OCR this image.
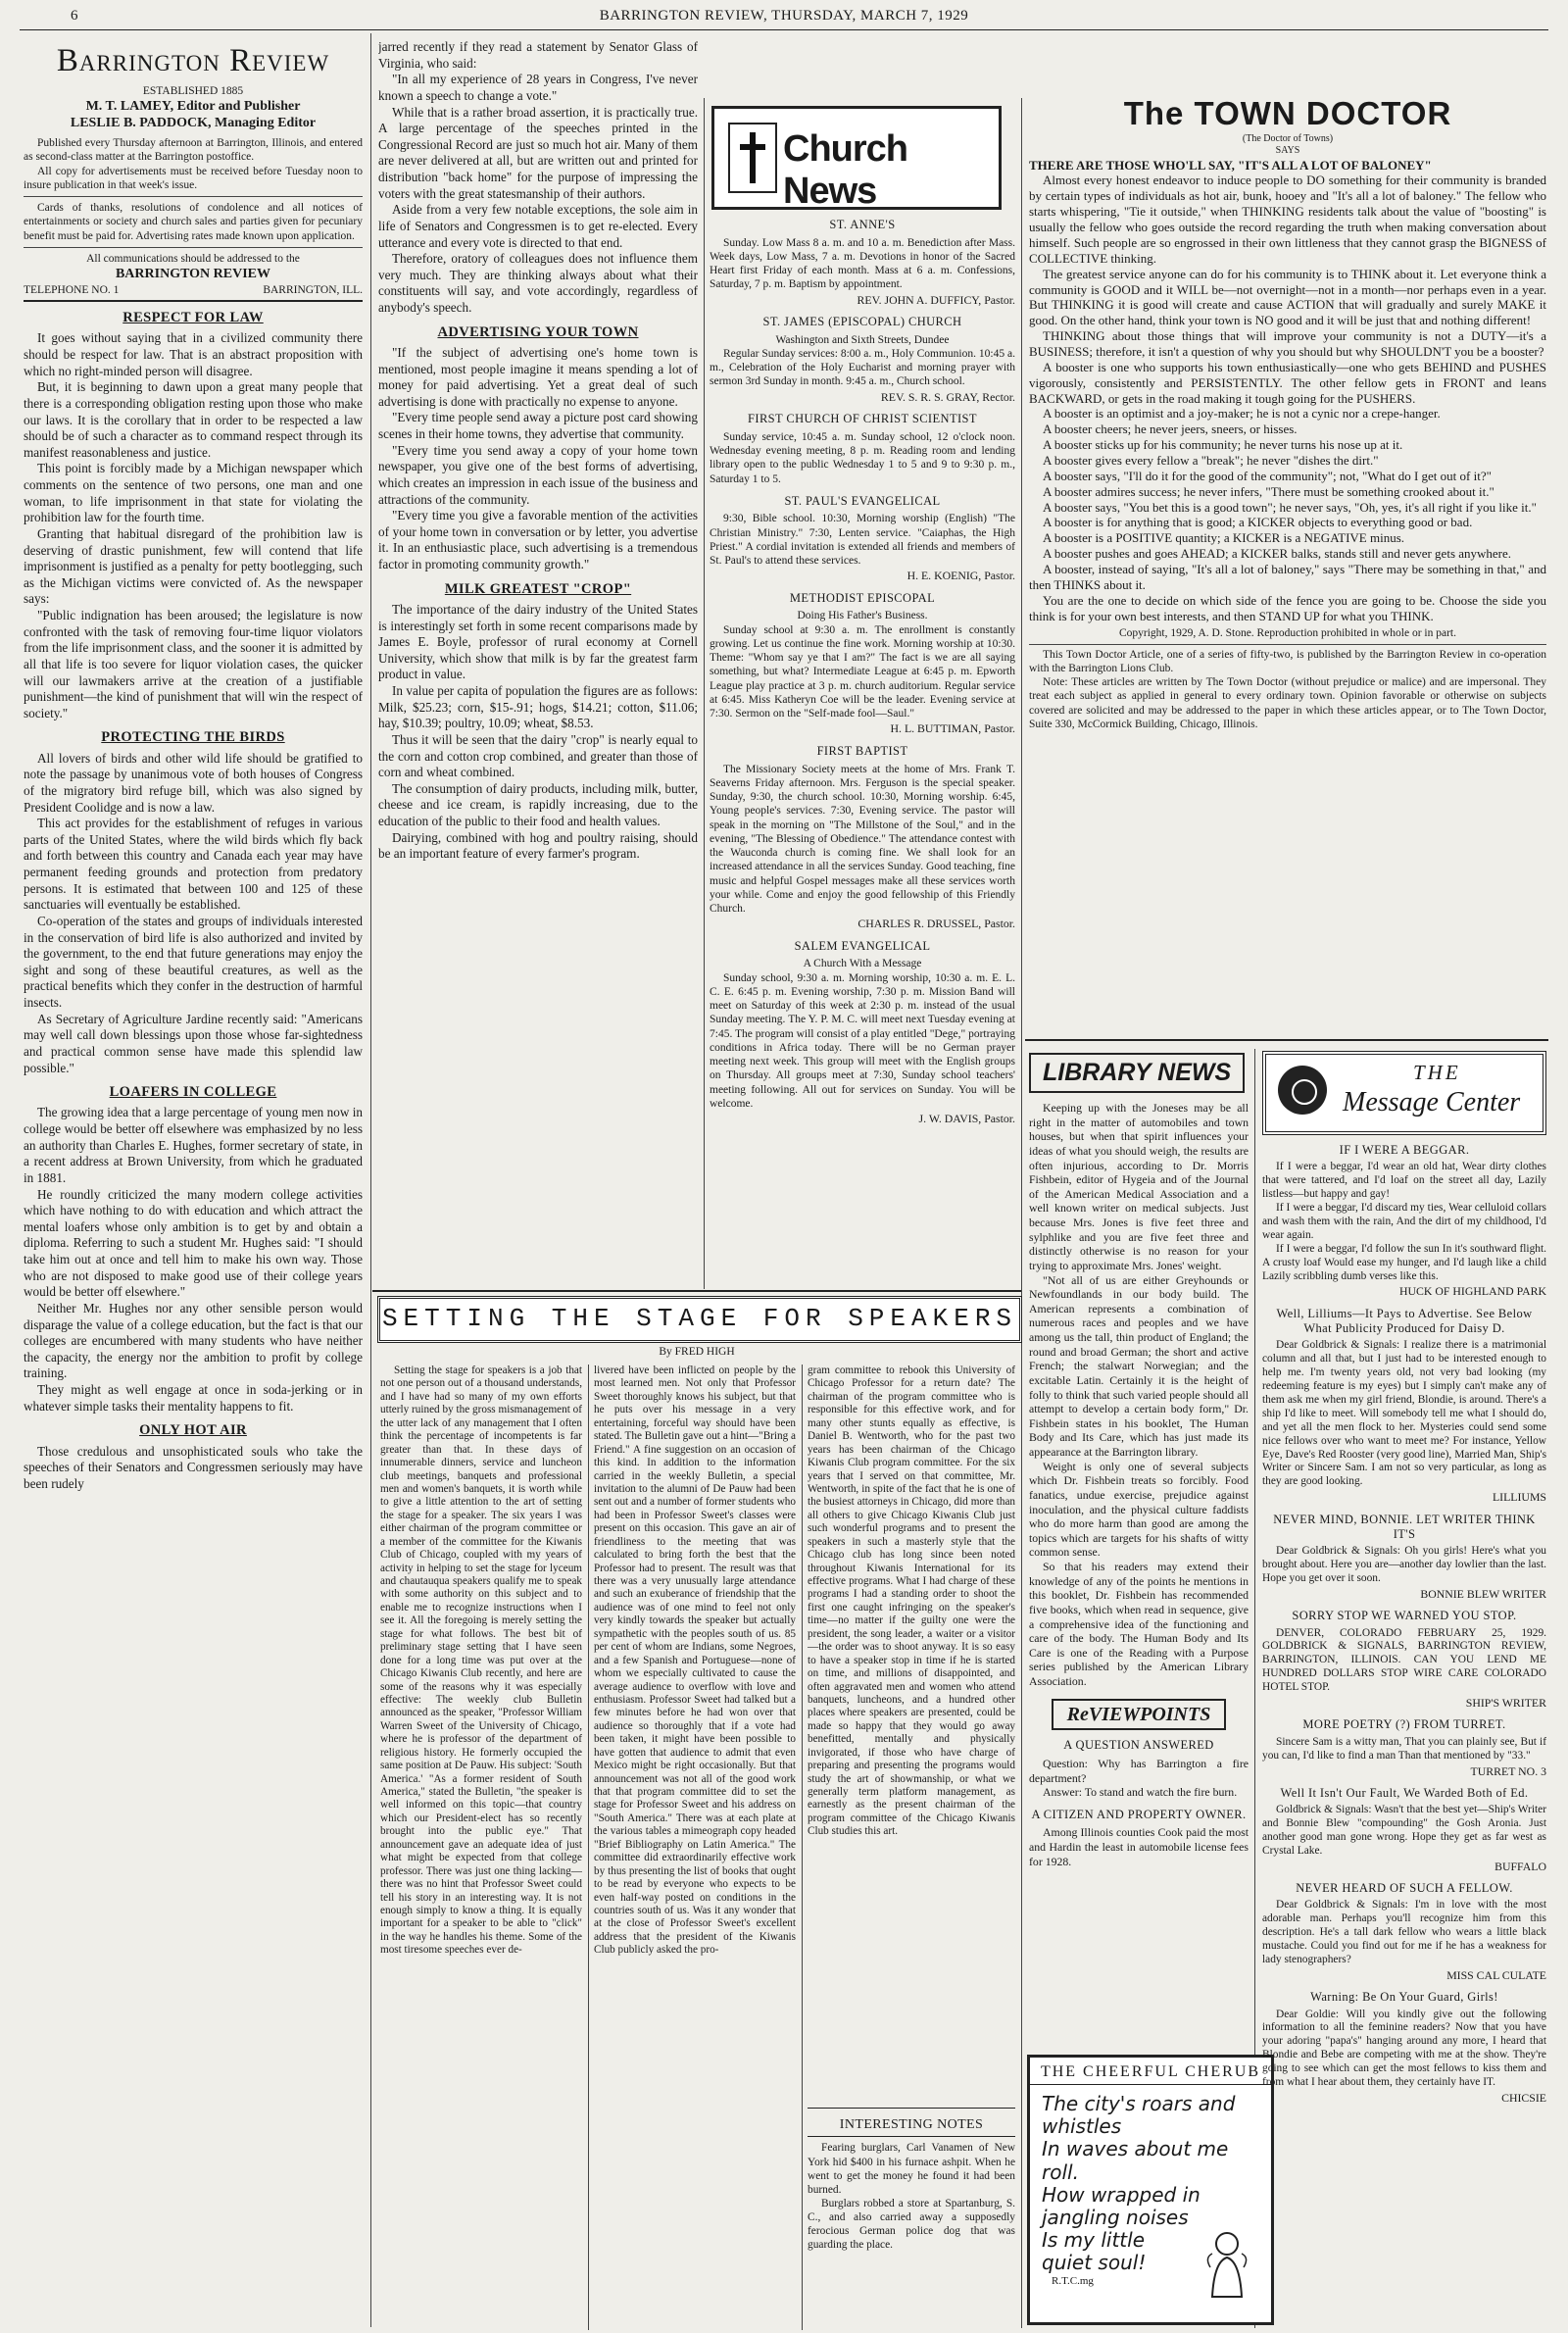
6	BARRINGTON REVIEW, THURSDAY, MARCH 7, 1929
Barrington Review
ESTABLISHED 1885
M. T. LAMEY, Editor and Publisher
LESLIE B. PADDOCK, Managing Editor

Published every Thursday afternoon at Barrington, Illinois, and entered as second-class matter at the Barrington postoffice.

All copy for advertisements must be received before Tuesday noon to insure publication in that week's issue.

Cards of thanks, resolutions of condolence and all notices of entertainments or society and church sales and parties given for pecuniary benefit must be paid for. Advertising rates made known upon application.

All communications should be addressed to the
BARRINGTON REVIEW
TELEPHONE NO. 1	BARRINGTON, ILL.
RESPECT FOR LAW

It goes without saying that in a civilized community there should be respect for law. That is an abstract proposition with which no right-minded person will disagree.

But, it is beginning to dawn upon a great many people that there is a corresponding obligation resting upon those who make our laws. It is the corollary that in order to be respected a law should be of such a character as to command respect through its manifest reasonableness and justice.

This point is forcibly made by a Michigan newspaper which comments on the sentence of two persons, one man and one woman, to life imprisonment in that state for violating the prohibition law for the fourth time.

Granting that habitual disregard of the prohibition law is deserving of drastic punishment, few will contend that life imprisonment is justified as a penalty for petty bootlegging, such as the Michigan victims were convicted of. As the newspaper says:

"Public indignation has been aroused; the legislature is now confronted with the task of removing four-time liquor violators from the life imprisonment class, and the sooner it is admitted by all that life is too severe for liquor violation cases, the quicker will our lawmakers arrive at the creation of a justifiable punishment—the kind of punishment that will win the respect of society."

PROTECTING THE BIRDS

All lovers of birds and other wild life should be gratified to note the passage by unanimous vote of both houses of Congress of the migratory bird refuge bill, which was also signed by President Coolidge and is now a law.

This act provides for the establishment of refuges in various parts of the United States, where the wild birds which fly back and forth between this country and Canada each year may have permanent feeding grounds and protection from predatory persons. It is estimated that between 100 and 125 of these sanctuaries will eventually be established.

Co-operation of the states and groups of individuals interested in the conservation of bird life is also authorized and invited by the government, to the end that future generations may enjoy the sight and song of these beautiful creatures, as well as the practical benefits which they confer in the destruction of harmful insects.

As Secretary of Agriculture Jardine recently said: "Americans may well call down blessings upon those whose far-sightedness and practical common sense have made this splendid law possible."

LOAFERS IN COLLEGE

The growing idea that a large percentage of young men now in college would be better off elsewhere was emphasized by no less an authority than Charles E. Hughes, former secretary of state, in a recent address at Brown University, from which he graduated in 1881.

He roundly criticized the many modern college activities which have nothing to do with education and which attract the mental loafers whose only ambition is to get by and obtain a diploma. Referring to such a student Mr. Hughes said: "I should take him out at once and tell him to make his own way. Those who are not disposed to make good use of their college years would be better off elsewhere."

Neither Mr. Hughes nor any other sensible person would disparage the value of a college education, but the fact is that our colleges are encumbered with many students who have neither the capacity, the energy nor the ambition to profit by college training.

They might as well engage at once in soda-jerking or in whatever simple tasks their mentality happens to fit.

ONLY HOT AIR

Those credulous and unsophisticated souls who take the speeches of their Senators and Congressmen seriously may have been rudely

jarred recently if they read a statement by Senator Glass of Virginia, who said:

"In all my experience of 28 years in Congress, I've never known a speech to change a vote."

While that is a rather broad assertion, it is practically true. A large percentage of the speeches printed in the Congressional Record are just so much hot air. Many of them are never delivered at all, but are written out and printed for distribution "back home" for the purpose of impressing the voters with the great statesmanship of their authors.

Aside from a very few notable exceptions, the sole aim in life of Senators and Congressmen is to get re-elected. Every utterance and every vote is directed to that end.

Therefore, oratory of colleagues does not influence them very much. They are thinking always about what their constituents will say, and vote accordingly, regardless of anybody's speech.

ADVERTISING YOUR TOWN

"If the subject of advertising one's home town is mentioned, most people imagine it means spending a lot of money for paid advertising. Yet a great deal of such advertising is done with practically no expense to anyone.

"Every time people send away a picture post card showing scenes in their home towns, they advertise that community.

"Every time you send away a copy of your home town newspaper, you give one of the best forms of advertising, which creates an impression in each issue of the business and attractions of the community.

"Every time you give a favorable mention of the activities of your home town in conversation or by letter, you advertise it. In an enthusiastic place, such advertising is a tremendous factor in promoting community growth."

MILK GREATEST "CROP"

The importance of the dairy industry of the United States is interestingly set forth in some recent comparisons made by James E. Boyle, professor of rural economy at Cornell University, which show that milk is by far the greatest farm product in value.

In value per capita of population the figures are as follows: Milk, $25.23; corn, $15-.91; hogs, $14.21; cotton, $11.06; hay, $10.39; poultry, 10.09; wheat, $8.53.

Thus it will be seen that the dairy "crop" is nearly equal to the corn and cotton crop combined, and greater than those of corn and wheat combined.

The consumption of dairy products, including milk, butter, cheese and ice cream, is rapidly increasing, due to the education of the public to their food and health values.

Dairying, combined with hog and poultry raising, should be an important feature of every farmer's program.

Church News
ST. ANNE'S

Sunday. Low Mass 8 a. m. and 10 a. m. Benediction after Mass. Week days, Low Mass, 7 a. m. Devotions in honor of the Sacred Heart first Friday of each month. Mass at 6 a. m. Confessions, Saturday, 7 p. m. Baptism by appointment.

REV. JOHN A. DUFFICY, Pastor.
ST. JAMES (EPISCOPAL) CHURCH
Washington and Sixth Streets, Dundee

Regular Sunday services: 8:00 a. m., Holy Communion. 10:45 a. m., Celebration of the Holy Eucharist and morning prayer with sermon 3rd Sunday in month. 9:45 a. m., Church school.

REV. S. R. S. GRAY, Rector.
FIRST CHURCH OF CHRIST SCIENTIST

Sunday service, 10:45 a. m. Sunday school, 12 o'clock noon. Wednesday evening meeting, 8 p. m. Reading room and lending library open to the public Wednesday 1 to 5 and 9 to 9:30 p. m., Saturday 1 to 5.

ST. PAUL'S EVANGELICAL

9:30, Bible school. 10:30, Morning worship (English) "The Christian Ministry." 7:30, Lenten service. "Caiaphas, the High Priest." A cordial invitation is extended all friends and members of St. Paul's to attend these services.

H. E. KOENIG, Pastor.
METHODIST EPISCOPAL
Doing His Father's Business.

Sunday school at 9:30 a. m. The enrollment is constantly growing. Let us continue the fine work. Morning worship at 10:30. Theme: "Whom say ye that I am?" The fact is we are all saying something, but what? Intermediate League at 6:45 p. m. Epworth League play practice at 3 p. m. church auditorium. Regular service at 6:45. Miss Katheryn Coe will be the leader. Evening service at 7:30. Sermon on the "Self-made fool—Saul."

H. L. BUTTIMAN, Pastor.
FIRST BAPTIST

The Missionary Society meets at the home of Mrs. Frank T. Seaverns Friday afternoon. Mrs. Ferguson is the special speaker. Sunday, 9:30, the church school. 10:30, Morning worship. 6:45, Young people's services. 7:30, Evening service. The pastor will speak in the morning on "The Millstone of the Soul," and in the evening, "The Blessing of Obedience." The attendance contest with the Wauconda church is coming fine. We shall look for an increased attendance in all the services Sunday. Good teaching, fine music and helpful Gospel messages make all these services worth your while. Come and enjoy the good fellowship of this Friendly Church.

CHARLES R. DRUSSEL, Pastor.
SALEM EVANGELICAL
A Church With a Message

Sunday school, 9:30 a. m. Morning worship, 10:30 a. m. E. L. C. E. 6:45 p. m. Evening worship, 7:30 p. m. Mission Band will meet on Saturday of this week at 2:30 p. m. instead of the usual Sunday meeting. The Y. P. M. C. will meet next Tuesday evening at 7:45. The program will consist of a play entitled "Dege," portraying conditions in Africa today. There will be no German prayer meeting next week. This group will meet with the English groups on Thursday. All groups meet at 7:30, Sunday school teachers' meeting following. All out for services on Sunday. You will be welcome.

J. W. DAVIS, Pastor.
The TOWN DOCTOR
(The Doctor of Towns)
SAYS

THERE ARE THOSE WHO'LL SAY, "IT'S ALL A LOT OF BALONEY"

Almost every honest endeavor to induce people to DO something for their community is branded by certain types of individuals as hot air, bunk, hooey and "It's all a lot of baloney." The fellow who starts whispering, "Tie it outside," when THINKING residents talk about the value of "boosting" is usually the fellow who goes outside the record regarding the truth when making conversation about himself. Such people are so engrossed in their own littleness that they cannot grasp the BIGNESS of COLLECTIVE thinking.

The greatest service anyone can do for his community is to THINK about it. Let everyone think a community is GOOD and it WILL be—not overnight—not in a month—nor perhaps even in a year. But THINKING it is good will create and cause ACTION that will gradually and surely MAKE it good. On the other hand, think your town is NO good and it will be just that and nothing different!

THINKING about those things that will improve your community is not a DUTY—it's a BUSINESS; therefore, it isn't a question of why you should but why SHOULDN'T you be a booster?

A booster is one who supports his town enthusiastically—one who gets BEHIND and PUSHES vigorously, consistently and PERSISTENTLY. The other fellow gets in FRONT and leans BACKWARD, or gets in the road making it tough going for the PUSHERS.

A booster is an optimist and a joy-maker; he is not a cynic nor a crepe-hanger.

A booster cheers; he never jeers, sneers, or hisses.

A booster sticks up for his community; he never turns his nose up at it.

A booster gives every fellow a "break"; he never "dishes the dirt."

A booster says, "I'll do it for the good of the community"; not, "What do I get out of it?"

A booster admires success; he never infers, "There must be something crooked about it."

A booster says, "You bet this is a good town"; he never says, "Oh, yes, it's all right if you like it."

A booster is for anything that is good; a KICKER objects to everything good or bad.

A booster is a POSITIVE quantity; a KICKER is a NEGATIVE minus.

A booster pushes and goes AHEAD; a KICKER balks, stands still and never gets anywhere.

A booster, instead of saying, "It's all a lot of baloney," says "There may be something in that," and then THINKS about it.

You are the one to decide on which side of the fence you are going to be. Choose the side you think is for your own best interests, and then STAND UP for what you THINK.

Copyright, 1929, A. D. Stone. Reproduction prohibited in whole or in part.

This Town Doctor Article, one of a series of fifty-two, is published by the Barrington Review in co-operation with the Barrington Lions Club.

Note: These articles are written by The Town Doctor (without prejudice or malice) and are impersonal. They treat each subject as applied in general to every ordinary town. Opinion favorable or otherwise on subjects covered are solicited and may be addressed to the paper in which these articles appear, or to The Town Doctor, Suite 330, McCormick Building, Chicago, Illinois.

LIBRARY NEWS

Keeping up with the Joneses may be all right in the matter of automobiles and town houses, but when that spirit influences your ideas of what you should weigh, the results are often injurious, according to Dr. Morris Fishbein, editor of Hygeia and of the Journal of the American Medical Association and a well known writer on medical subjects. Just because Mrs. Jones is five feet three and sylphlike and you are five feet three and distinctly otherwise is no reason for your trying to approximate Mrs. Jones' weight.

"Not all of us are either Greyhounds or Newfoundlands in our body build. The American represents a combination of numerous races and peoples and we have among us the tall, thin product of England; the round and broad German; the short and active French; the stalwart Norwegian; and the excitable Latin. Certainly it is the height of folly to think that such varied people should all attempt to develop a certain body form," Dr. Fishbein states in his booklet, The Human Body and Its Care, which has just made its appearance at the Barrington library.

Weight is only one of several subjects which Dr. Fishbein treats so forcibly. Food fanatics, undue exercise, prejudice against inoculation, and the physical culture faddists who do more harm than good are among the topics which are targets for his shafts of witty common sense.

So that his readers may extend their knowledge of any of the points he mentions in this booklet, Dr. Fishbein has recommended five books, which when read in sequence, give a comprehensive idea of the functioning and care of the body. The Human Body and Its Care is one of the Reading with a Purpose series published by the American Library Association.

ReVIEWPOINTS
A QUESTION ANSWERED

Question: Why has Barrington a fire department?

Answer: To stand and watch the fire burn.

A CITIZEN AND PROPERTY OWNER.

Among Illinois counties Cook paid the most and Hardin the least in automobile license fees for 1928.

THE CHEERFUL CHERUB
The city's roars and
whistles
In waves about me
roll.
How wrapped in
jangling noises
Is my little
quiet soul!
R.T.C.mg
THE
Message Center
IF I WERE A BEGGAR.

If I were a beggar, I'd wear an old hat, Wear dirty clothes that were tattered, and I'd loaf on the street all day, Lazily listless—but happy and gay!

If I were a beggar, I'd discard my ties, Wear celluloid collars and wash them with the rain, And the dirt of my childhood, I'd wear again.

If I were a beggar, I'd follow the sun In it's southward flight. A crusty loaf Would ease my hunger, and I'd laugh like a child Lazily scribbling dumb verses like this.

HUCK OF HIGHLAND PARK
Well, Lilliums—It Pays to Advertise. See Below What Publicity Produced for Daisy D.

Dear Goldbrick & Signals: I realize there is a matrimonial column and all that, but I just had to be interested enough to help me. I'm twenty years old, not very bad looking (my redeeming feature is my eyes) but I simply can't make any of them ask me when my girl friend, Blondie, is around. There's a ship I'd like to meet. Will somebody tell me what I should do, and yet all the men flock to her. Mysteries could send some nice fellows over who want to meet me? For instance, Yellow Eye, Dave's Red Rooster (very good line), Married Man, Ship's Writer or Sincere Sam. I am not so very particular, as long as they are good looking.

LILLIUMS
NEVER MIND, BONNIE. LET WRITER THINK IT'S

Dear Goldbrick & Signals: Oh you girls! Here's what you brought about. Here you are—another day lowlier than the last. Hope you get over it soon.

BONNIE BLEW WRITER
SORRY STOP WE WARNED YOU STOP.

DENVER, COLORADO FEBRUARY 25, 1929. GOLDBRICK & SIGNALS, BARRINGTON REVIEW, BARRINGTON, ILLINOIS. CAN YOU LEND ME HUNDRED DOLLARS STOP WIRE CARE COLORADO HOTEL STOP.

SHIP'S WRITER
MORE POETRY (?) FROM TURRET.

Sincere Sam is a witty man, That you can plainly see, But if you can, I'd like to find a man Than that mentioned by "33."

TURRET NO. 3
Well It Isn't Our Fault, We Warded Both of Ed.

Goldbrick & Signals: Wasn't that the best yet—Ship's Writer and Bonnie Blew "compounding" the Gosh Aronia. Just another good man gone wrong. Hope they get as far west as Crystal Lake.

BUFFALO
NEVER HEARD OF SUCH A FELLOW.

Dear Goldbrick & Signals: I'm in love with the most adorable man. Perhaps you'll recognize him from this description. He's a tall dark fellow who wears a little black mustache. Could you find out for me if he has a weakness for lady stenographers?

MISS CAL CULATE
Warning: Be On Your Guard, Girls!

Dear Goldie: Will you kindly give out the following information to all the feminine readers? Now that you have your adoring "papa's" hanging around any more, I heard that Blondie and Bebe are competing with me at the show. They're going to see which can get the most fellows to kiss them and from what I hear about them, they certainly have IT.

CHICSIE
SETTING THE STAGE FOR SPEAKERS
By FRED HIGH

Setting the stage for speakers is a job that not one person out of a thousand understands, and I have had so many of my own efforts utterly ruined by the gross mismanagement of the utter lack of any management that I often think the percentage of incompetents is far greater than that. In these days of innumerable dinners, service and luncheon club meetings, banquets and professional men and women's banquets, it is worth while to give a little attention to the art of setting the stage for a speaker. The six years I was either chairman of the program committee or a member of the committee for the Kiwanis Club of Chicago, coupled with my years of activity in helping to set the stage for lyceum and chautauqua speakers qualify me to speak with some authority on this subject and to enable me to recognize instructions when I see it. All the foregoing is merely setting the stage for what follows. The best bit of preliminary stage setting that I have seen done for a long time was put over at the Chicago Kiwanis Club recently, and here are some of the reasons why it was especially effective: The weekly club Bulletin announced as the speaker, "Professor William Warren Sweet of the University of Chicago, where he is professor of the department of religious history. He formerly occupied the same position at De Pauw. His subject: 'South America.' "As a former resident of South America," stated the Bulletin, "the speaker is well informed on this topic—that country which our President-elect has so recently brought into the public eye." That announcement gave an adequate idea of just what might be expected from that college professor. There was just one thing lacking—there was no hint that Professor Sweet could tell his story in an interesting way. It is not enough simply to know a thing. It is equally important for a speaker to be able to "click" in the way he handles his theme. Some of the most tiresome speeches ever de-

livered have been inflicted on people by the most learned men. Not only that Professor Sweet thoroughly knows his subject, but that he puts over his message in a very entertaining, forceful way should have been stated. The Bulletin gave out a hint—"Bring a Friend." A fine suggestion on an occasion of this kind. In addition to the information carried in the weekly Bulletin, a special invitation to the alumni of De Pauw had been sent out and a number of former students who had been in Professor Sweet's classes were present on this occasion. This gave an air of friendliness to the meeting that was calculated to bring forth the best that the Professor had to present. The result was that there was a very unusually large attendance and such an exuberance of friendship that the audience was of one mind to feel not only very kindly towards the speaker but actually sympathetic with the peoples south of us. 85 per cent of whom are Indians, some Negroes, and a few Spanish and Portuguese—none of whom we especially cultivated to cause the average audience to overflow with love and enthusiasm. Professor Sweet had talked but a few minutes before he had won over that audience so thoroughly that if a vote had been taken, it might have been possible to have gotten that audience to admit that even Mexico might be right occasionally. But that announcement was not all of the good work that that program committee did to set the stage for Professor Sweet and his address on "South America." There was at each plate at the various tables a mimeograph copy headed "Brief Bibliography on Latin America." The committee did extraordinarily effective work by thus presenting the list of books that ought to be read by everyone who expects to be even half-way posted on conditions in the countries south of us. Was it any wonder that at the close of Professor Sweet's excellent address that the president of the Kiwanis Club publicly asked the pro-

gram committee to rebook this University of Chicago Professor for a return date? The chairman of the program committee who is responsible for this effective work, and for many other stunts equally as effective, is Daniel B. Wentworth, who for the past two years has been chairman of the Chicago Kiwanis Club program committee. For the six years that I served on that committee, Mr. Wentworth, in spite of the fact that he is one of the busiest attorneys in Chicago, did more than all others to give Chicago Kiwanis Club just such wonderful programs and to present the speakers in such a masterly style that the Chicago club has long since been noted throughout Kiwanis International for its effective programs. What I had charge of these programs I had a standing order to shoot the first one caught infringing on the speaker's time—no matter if the guilty one were the president, the song leader, a waiter or a visitor—the order was to shoot anyway. It is so easy to have a speaker stop in time if he is started on time, and millions of disappointed, and often aggravated men and women who attend banquets, luncheons, and a hundred other places where speakers are presented, could be made so happy that they would go away benefitted, mentally and physically invigorated, if those who have charge of preparing and presenting the programs would study the art of showmanship, or what we generally term platform management, as earnestly as the present chairman of the program committee of the Chicago Kiwanis Club studies this art.

INTERESTING NOTES

Fearing burglars, Carl Vanamen of New York hid $400 in his furnace ashpit. When he went to get the money he found it had been burned.

Burglars robbed a store at Spartanburg, S. C., and also carried away a supposedly ferocious German police dog that was guarding the place.
